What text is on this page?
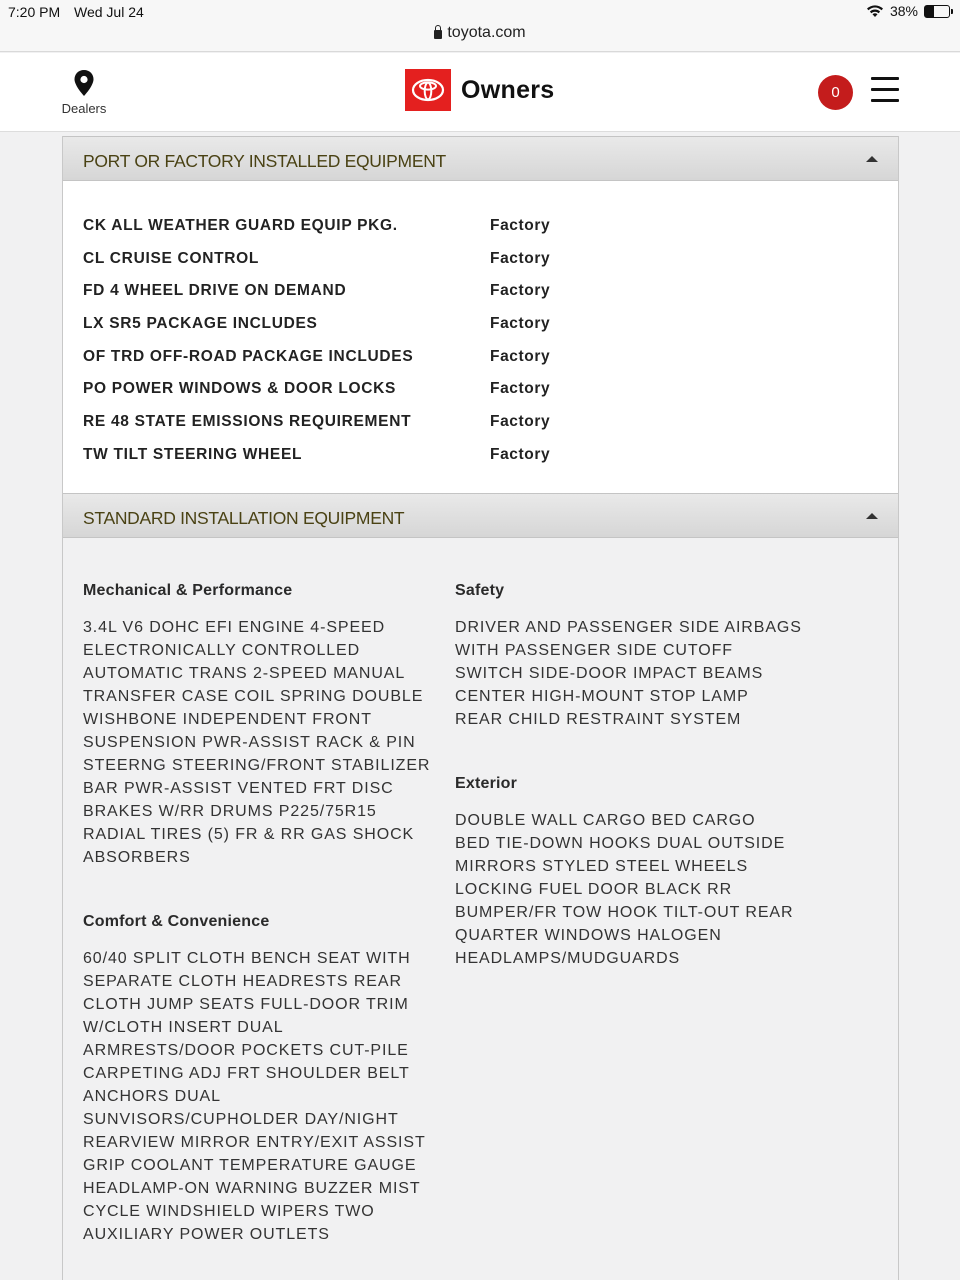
7:20 PM Wed Jul 24	38%
toyota.com
Dealers
Owners	0
PORT OR FACTORY INSTALLED EQUIPMENT
CK ALL WEATHER GUARD EQUIP PKG.	Factory
CL CRUISE CONTROL	Factory
FD 4 WHEEL DRIVE ON DEMAND	Factory
LX SR5 PACKAGE INCLUDES	Factory
OF TRD OFF-ROAD PACKAGE INCLUDES	Factory
PO POWER WINDOWS & DOOR LOCKS	Factory
RE 48 STATE EMISSIONS REQUIREMENT	Factory
TW TILT STEERING WHEEL	Factory
STANDARD INSTALLATION EQUIPMENT
Mechanical & Performance
3.4L V6 DOHC EFI ENGINE 4-SPEED
ELECTRONICALLY CONTROLLED
AUTOMATIC TRANS 2-SPEED MANUAL
TRANSFER CASE COIL SPRING DOUBLE
WISHBONE INDEPENDENT FRONT
SUSPENSION PWR-ASSIST RACK & PIN
STEERNG STEERING/FRONT STABILIZER
BAR PWR-ASSIST VENTED FRT DISC
BRAKES W/RR DRUMS P225/75R15
RADIAL TIRES (5) FR & RR GAS SHOCK
ABSORBERS
Comfort & Convenience
60/40 SPLIT CLOTH BENCH SEAT WITH
SEPARATE CLOTH HEADRESTS REAR
CLOTH JUMP SEATS FULL-DOOR TRIM
W/CLOTH INSERT DUAL
ARMRESTS/DOOR POCKETS CUT-PILE
CARPETING ADJ FRT SHOULDER BELT
ANCHORS DUAL
SUNVISORS/CUPHOLDER DAY/NIGHT
REARVIEW MIRROR ENTRY/EXIT ASSIST
GRIP COOLANT TEMPERATURE GAUGE
HEADLAMP-ON WARNING BUZZER MIST
CYCLE WINDSHIELD WIPERS TWO
AUXILIARY POWER OUTLETS
Safety
DRIVER AND PASSENGER SIDE AIRBAGS
WITH PASSENGER SIDE CUTOFF
SWITCH SIDE-DOOR IMPACT BEAMS
CENTER HIGH-MOUNT STOP LAMP
REAR CHILD RESTRAINT SYSTEM
Exterior
DOUBLE WALL CARGO BED CARGO
BED TIE-DOWN HOOKS DUAL OUTSIDE
MIRRORS STYLED STEEL WHEELS
LOCKING FUEL DOOR BLACK RR
BUMPER/FR TOW HOOK TILT-OUT REAR
QUARTER WINDOWS HALOGEN
HEADLAMPS/MUDGUARDS
